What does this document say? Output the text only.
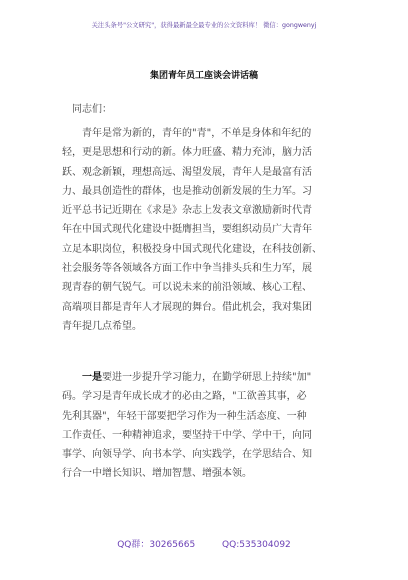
关注头条号"公文研究"，获得最新最全最专业的公文资料库！ 微信：gongwenyj
集团青年员工座谈会讲话稿
同志们：
青年是常为新的，青年的"青"，不单是身体和年纪的
轻，更是思想和行动的新。体力旺盛、精力充沛，脑力活
跃、观念新颖，理想高远、渴望发展，青年人是最富有活
力、最具创造性的群体，也是推动创新发展的生力军。习
近平总书记近期在《求是》杂志上发表文章激励新时代青
年在中国式现代化建设中挺膺担当，要组织动员广大青年
立足本职岗位，积极投身中国式现代化建设，在科技创新、
社会服务等各领域各方面工作中争当排头兵和生力军，展
现青春的朝气锐气。可以说未来的前沿领域、核心工程、
高端项目都是青年人才展现的舞台。借此机会，我对集团
青年提几点希望。
一是要进一步提升学习能力，在勤学研思上持续"加"
码。学习是青年成长成才的必由之路，"工欲善其事，必
先利其器"，年轻干部要把学习作为一种生活态度、一种
工作责任、一种精神追求，要坚持干中学、学中干，向同
事学、向领导学、向书本学、向实践学，在学思结合、知
行合一中增长知识、增加智慧、增强本领。
QQ群：30265665	QQ:535304092
